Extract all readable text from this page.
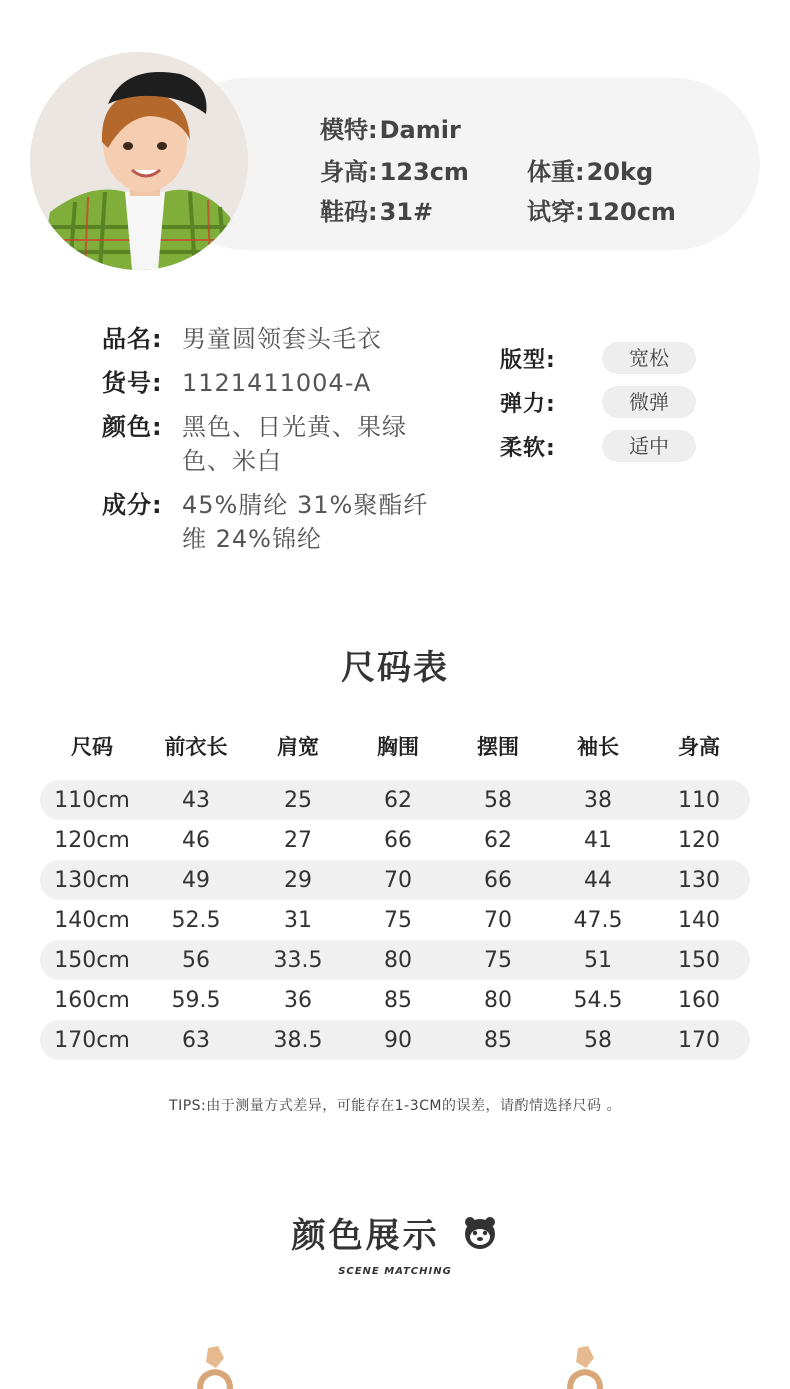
模特:Damir
身高:123cm 体重:20kg
鞋码:31#	试穿:120cm
品名: 男童圆领套头毛衣
货号: 1121411004-A
颜色: 黑色、日光黄、果绿色、米白
成分: 45%腈纶 31%聚酯纤维 24%锦纶
版型:	宽松
弹力:	微弹
柔软:	适中
尺码表
尺码	前衣长	肩宽	胸围	摆围	袖长	身高
110cm	43	25	62	58	38	110
120cm	46	27	66	62	41	120
130cm	49	29	70	66	44	130
140cm	52.5	31	75	70	47.5	140
150cm	56	33.5	80	75	51	150
160cm	59.5	36	85	80	54.5	160
170cm	63	38.5	90	85	58	170
TIPS:由于测量方式差异，可能存在1-3CM的误差，请酌情选择尺码 。
颜色展示
SCENE MATCHING
